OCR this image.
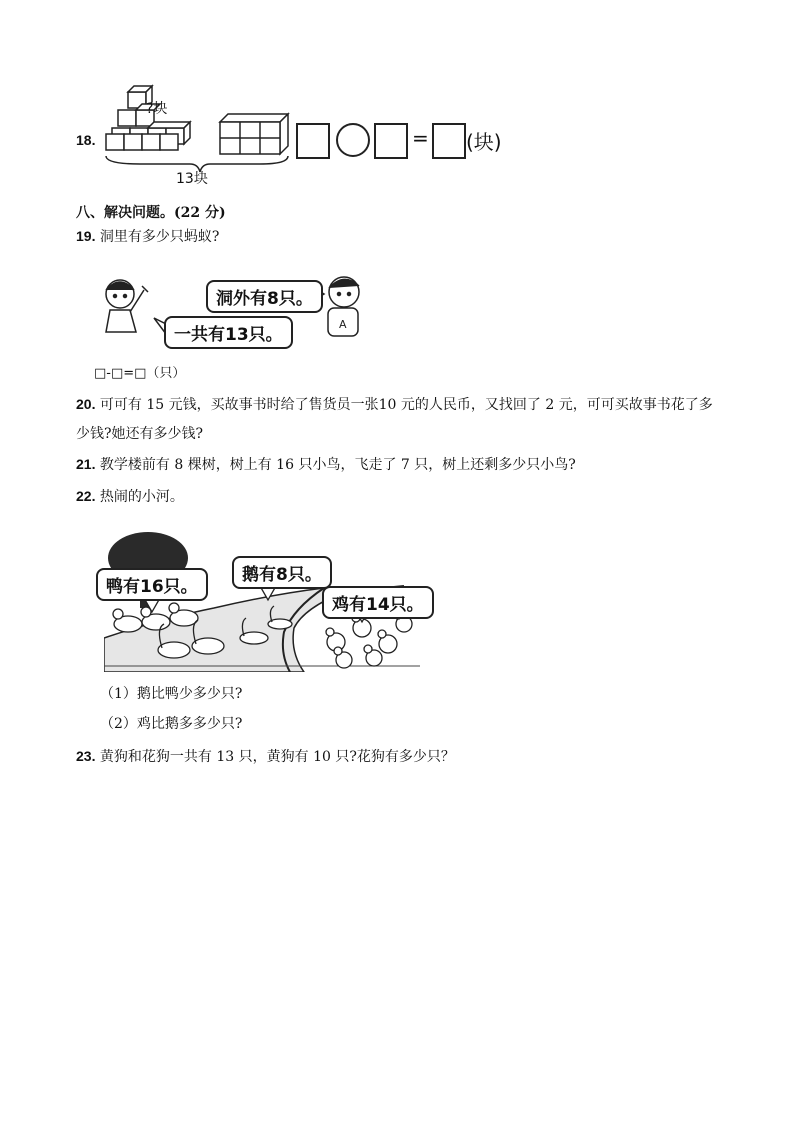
18.
?块
13块
= (块)
八、解决问题。(22 分)
19. 洞里有多少只蚂蚁?
A
洞外有8只。
一共有13只。
□-□=□（只）
20. 可可有 15 元钱，买故事书时给了售货员一张10 元的人民币，又找回了 2 元，可可买故事书花了多
少钱?她还有多少钱?
21. 教学楼前有 8 棵树，树上有 16 只小鸟，飞走了 7 只，树上还剩多少只小鸟?
22. 热闹的小河。
鸭有16只。
鹅有8只。
鸡有14只。
（1）鹅比鸭少多少只?
（2）鸡比鹅多多少只?
23. 黄狗和花狗一共有 13 只，黄狗有 10 只?花狗有多少只？
